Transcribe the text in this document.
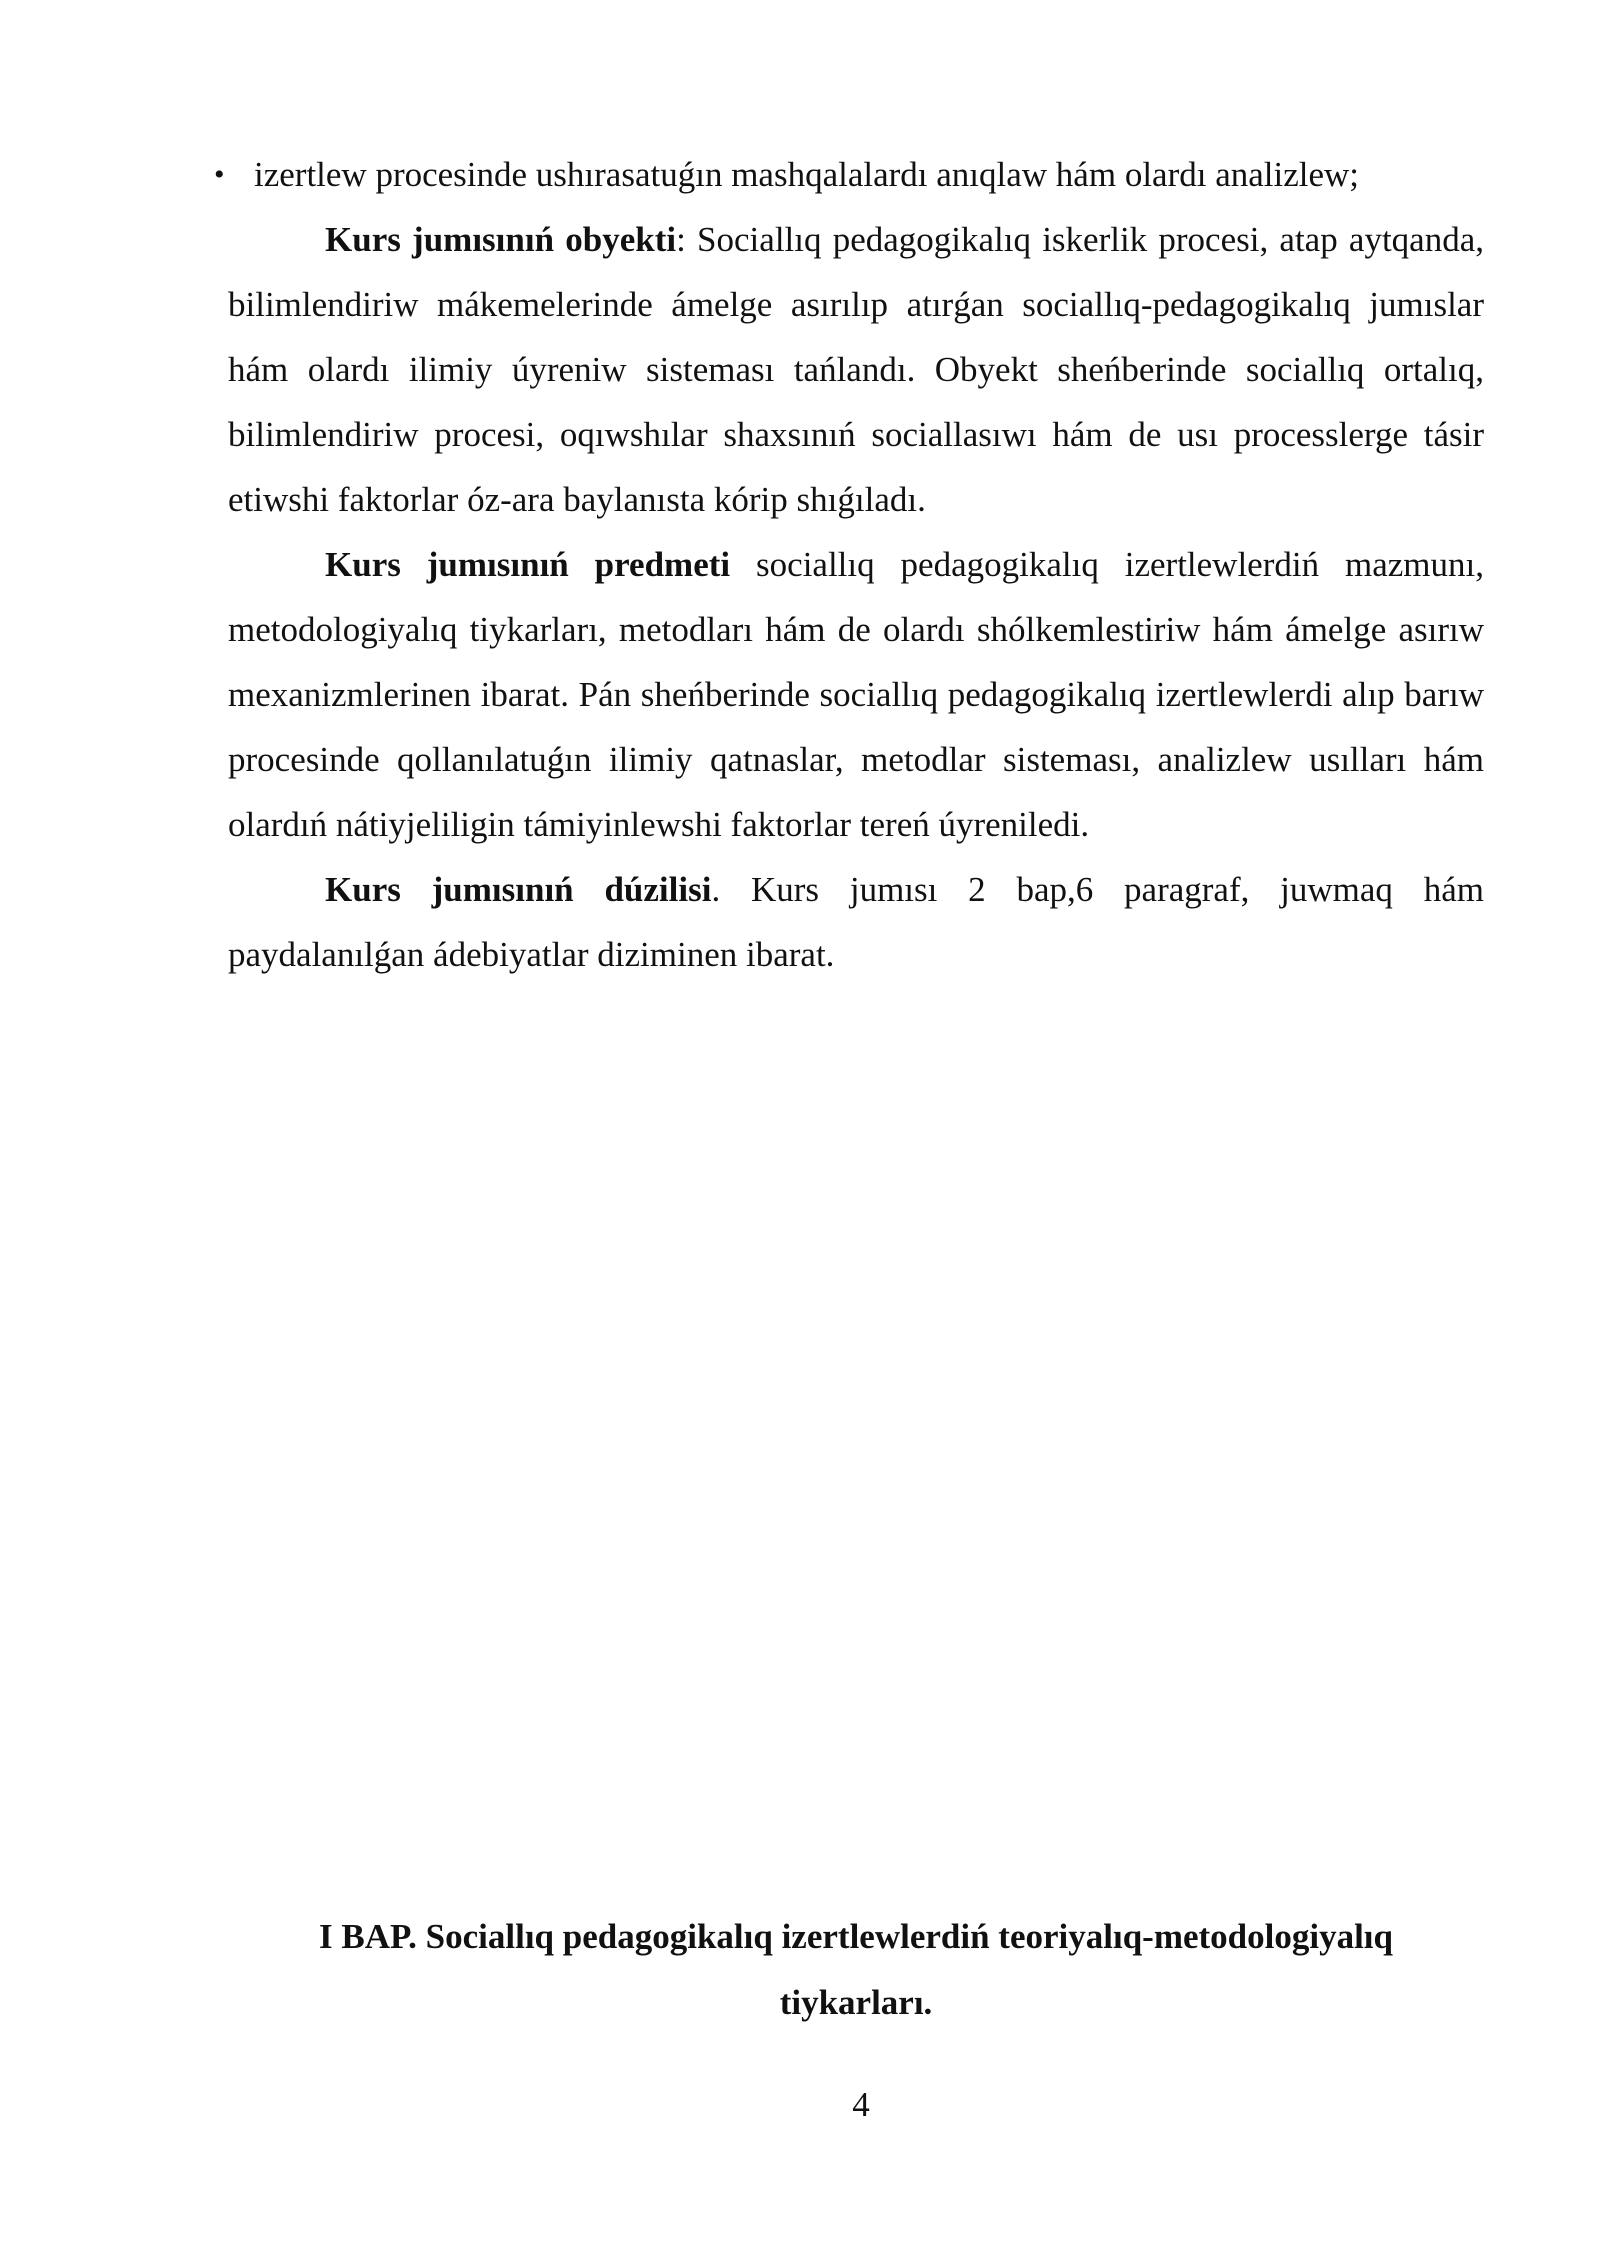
• izertlew procesinde ushırasatuǵın mashqalalardı anıqlaw hám olardı analizlew;

Kurs jumısınıń obyekti: Sociallıq pedagogikalıq iskerlik procesi, atap aytqanda, bilimlendiriw mákemelerinde ámelge asırılıp atırǵan sociallıq-pedagogikalıq jumıslar hám olardı ilimiy úyreniw sisteması tańlandı. Obyekt sheńberinde sociallıq ortalıq, bilimlendiriw procesi, oqıwshılar shaxsınıń sociallasıwı hám de usı processlerge tásir etiwshi faktorlar óz-ara baylanısta kórip shıǵıladı.

Kurs jumısınıń predmeti sociallıq pedagogikalıq izertlewlerdiń mazmunı, metodologiyalıq tiykarları, metodları hám de olardı shólkemlestiriw hám ámelge asırıw mexanizmlerinen ibarat. Pán sheńberinde sociallıq pedagogikalıq izertlewlerdi alıp barıw procesinde qollanılatuǵın ilimiy qatnaslar, metodlar sisteması, analizlew usılları hám olardıń nátiyjeliligin támiyinlewshi faktorlar tereń úyreniledi.

Kurs jumısınıń dúzilisi. Kurs jumısı 2 bap,6 paragraf, juwmaq hám paydalanılǵan ádebiyatlar diziminen ibarat.

I BAP. Sociallıq pedagogikalıq izertlewlerdiń teoriyalıq-metodologiyalıq
tiykarları.
4
